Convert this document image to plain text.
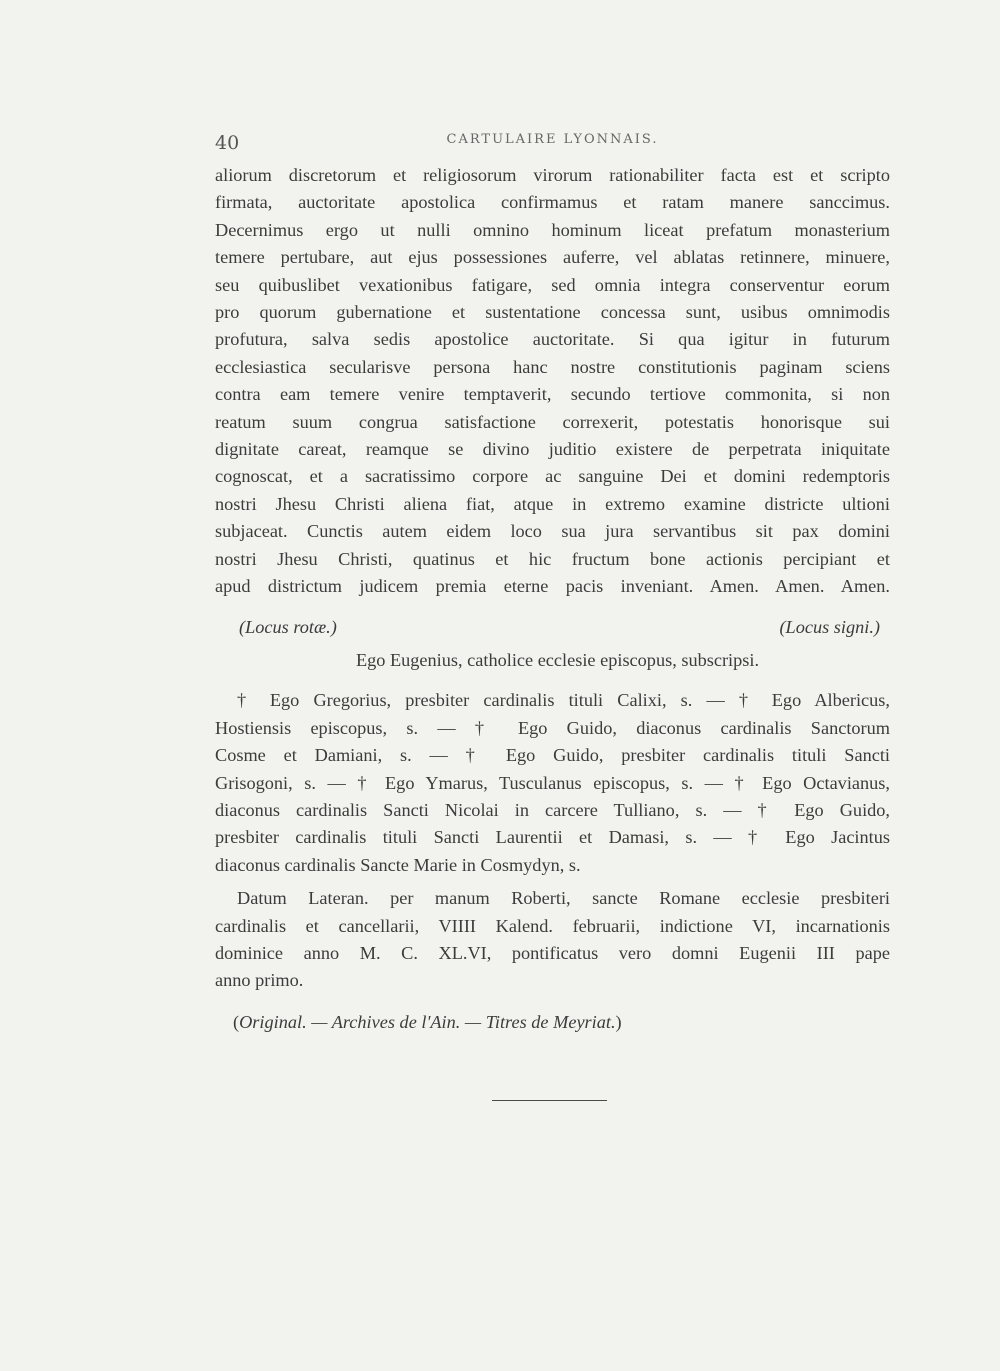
40	CARTULAIRE LYONNAIS.
aliorum discretorum et religiosorum virorum rationabiliter facta est et scripto
firmata, auctoritate apostolica confirmamus et ratam manere sanccimus.
Decernimus ergo ut nulli omnino hominum liceat prefatum monasterium
temere pertubare, aut ejus possessiones auferre, vel ablatas retinnere, minuere,
seu quibuslibet vexationibus fatigare, sed omnia integra conserventur eorum
pro quorum gubernatione et sustentatione concessa sunt, usibus omnimodis
profutura, salva sedis apostolice auctoritate. Si qua igitur in futurum
ecclesiastica secularisve persona hanc nostre constitutionis paginam sciens
contra eam temere venire temptaverit, secundo tertiove commonita, si non
reatum suum congrua satisfactione correxerit, potestatis honorisque sui
dignitate careat, reamque se divino juditio existere de perpetrata iniquitate
cognoscat, et a sacratissimo corpore ac sanguine Dei et domini redemptoris
nostri Jhesu Christi aliena fiat, atque in extremo examine districte ultioni
subjaceat. Cunctis autem eidem loco sua jura servantibus sit pax domini
nostri Jhesu Christi, quatinus et hic fructum bone actionis percipiant et
apud districtum judicem premia eterne pacis inveniant. Amen. Amen. Amen.
(Locus rotæ.)	(Locus signi.)
Ego Eugenius, catholice ecclesie episcopus, subscripsi.
† Ego Gregorius, presbiter cardinalis tituli Calixi, s. — † Ego Albericus,
Hostiensis episcopus, s. — † Ego Guido, diaconus cardinalis Sanctorum
Cosme et Damiani, s. — † Ego Guido, presbiter cardinalis tituli Sancti
Grisogoni, s. — † Ego Ymarus, Tusculanus episcopus, s. — † Ego Octavianus,
diaconus cardinalis Sancti Nicolai in carcere Tulliano, s. — † Ego Guido,
presbiter cardinalis tituli Sancti Laurentii et Damasi, s. — † Ego Jacintus
diaconus cardinalis Sancte Marie in Cosmydyn, s.
Datum Lateran. per manum Roberti, sancte Romane ecclesie presbiteri
cardinalis et cancellarii, VIIII Kalend. februarii, indictione VI, incarnationis
dominice anno M. C. XL.VI, pontificatus vero domni Eugenii III pape
anno primo.
(Original. — Archives de l'Ain. — Titres de Meyriat.)
